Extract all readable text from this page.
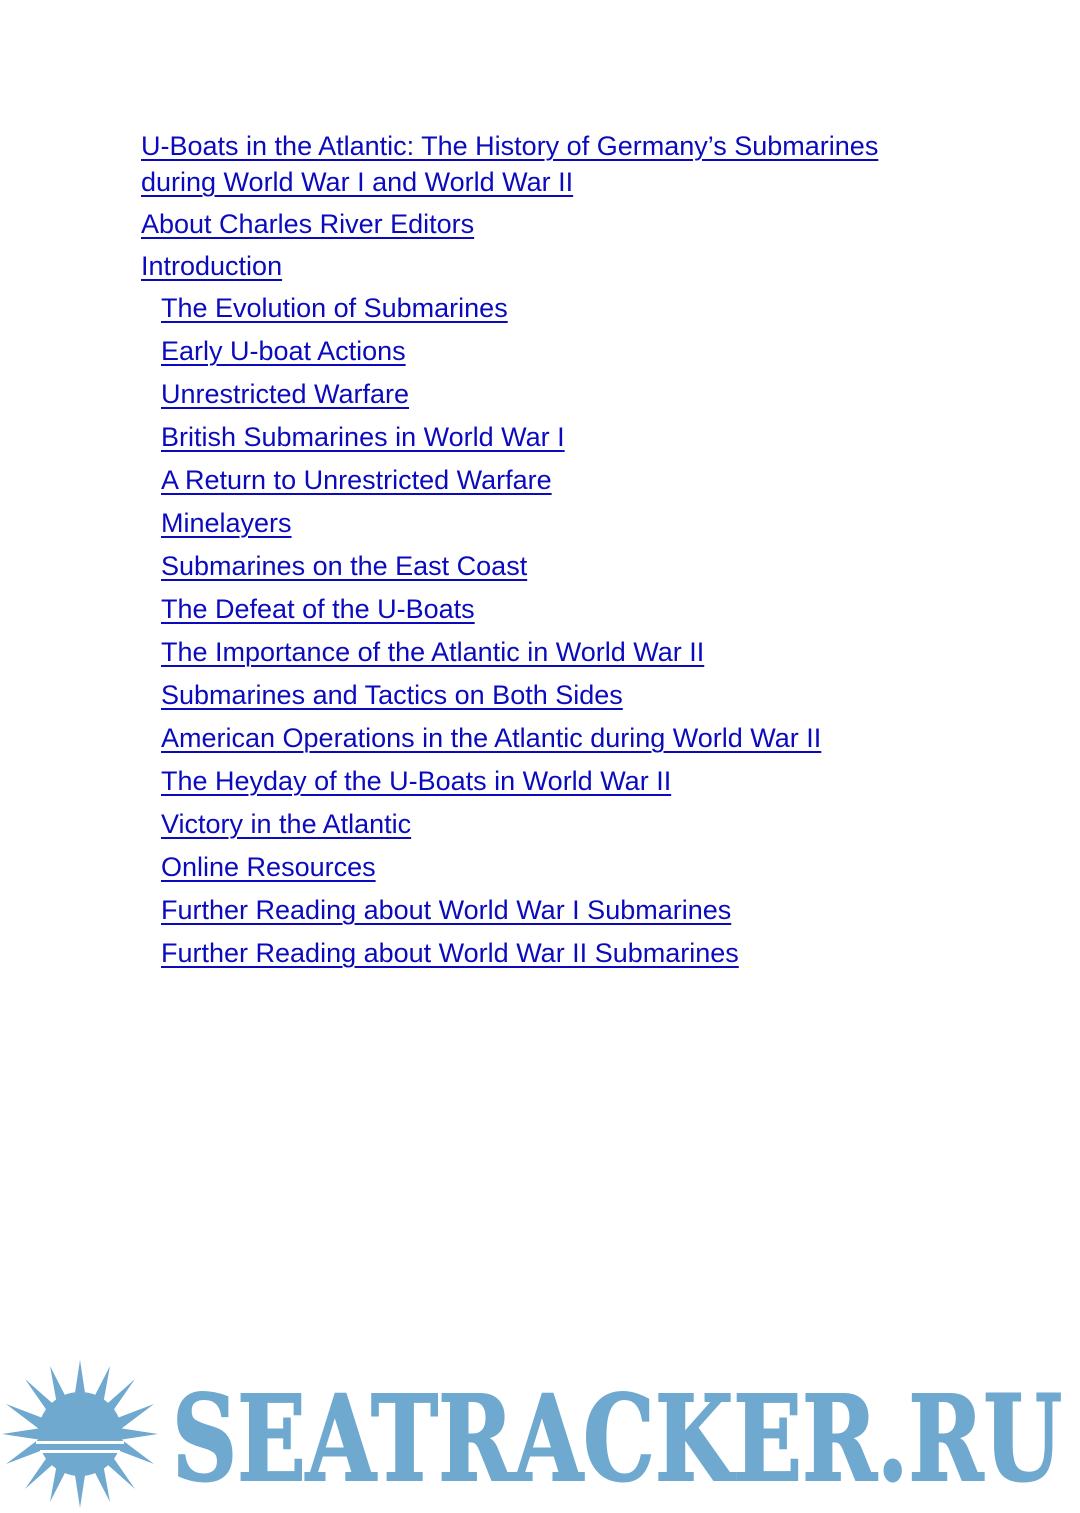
U-Boats in the Atlantic: The History of Germany’s Submarines during World War I and World War II
About Charles River Editors
Introduction
The Evolution of Submarines
Early U-boat Actions
Unrestricted Warfare
British Submarines in World War I
A Return to Unrestricted Warfare
Minelayers
Submarines on the East Coast
The Defeat of the U-Boats
The Importance of the Atlantic in World War II
Submarines and Tactics on Both Sides
American Operations in the Atlantic during World War II
The Heyday of the U-Boats in World War II
Victory in the Atlantic
Online Resources
Further Reading about World War I Submarines
Further Reading about World War II Submarines
SEATRACKER.RU
